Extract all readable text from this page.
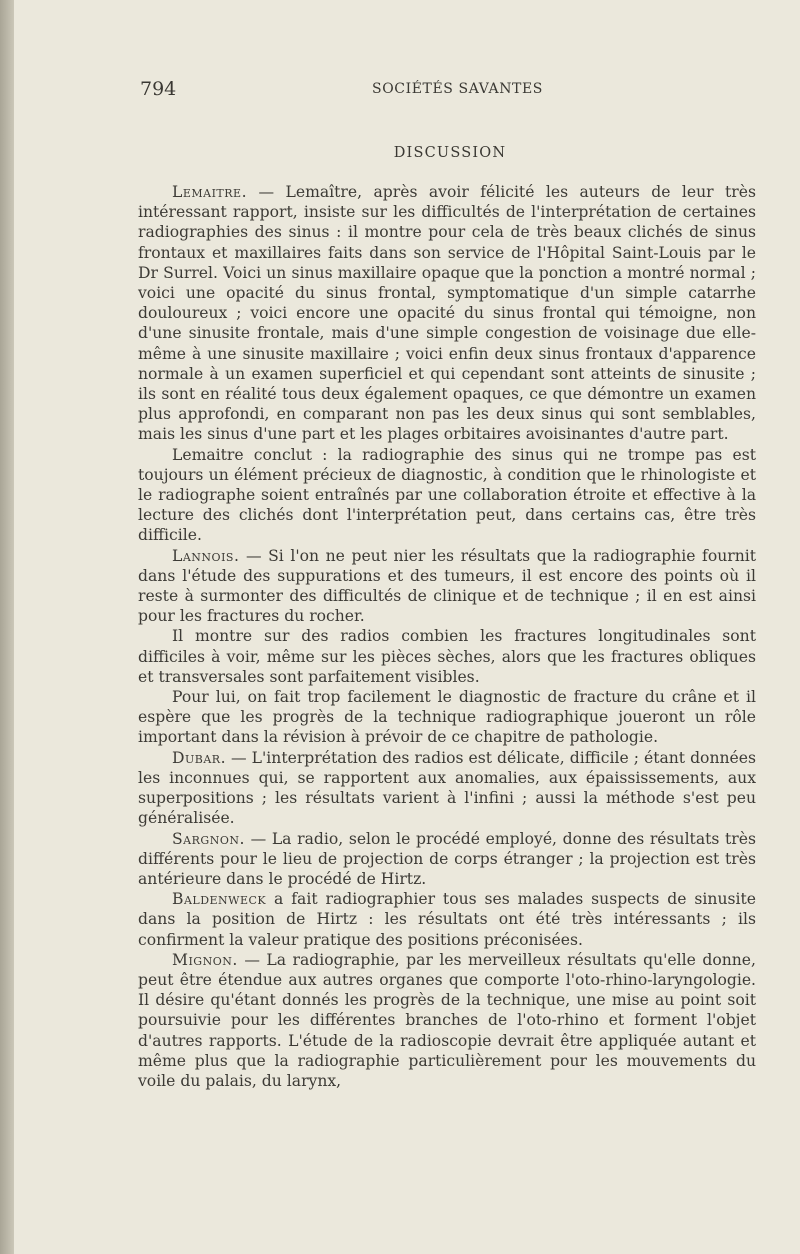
794	SOCIÉTÉS SAVANTES
DISCUSSION

Lemaitre. — Lemaître, après avoir félicité les auteurs de leur très intéressant rapport, insiste sur les difficultés de l'interprétation de certaines radiographies des sinus : il montre pour cela de très beaux clichés de sinus frontaux et maxillaires faits dans son service de l'Hôpital Saint-Louis par le Dr Surrel. Voici un sinus maxillaire opaque que la ponction a montré normal ; voici une opacité du sinus frontal, symptomatique d'un simple catarrhe douloureux ; voici encore une opacité du sinus frontal qui témoigne, non d'une sinusite frontale, mais d'une simple congestion de voisinage due elle-même à une sinusite maxillaire ; voici enfin deux sinus frontaux d'apparence normale à un examen superficiel et qui cependant sont atteints de sinusite ; ils sont en réalité tous deux également opaques, ce que démontre un examen plus approfondi, en comparant non pas les deux sinus qui sont semblables, mais les sinus d'une part et les plages orbitaires avoisinantes d'autre part.

Lemaitre conclut : la radiographie des sinus qui ne trompe pas est toujours un élément précieux de diagnostic, à condition que le rhinologiste et le radiographe soient entraînés par une collaboration étroite et effective à la lecture des clichés dont l'interprétation peut, dans certains cas, être très difficile.

Lannois. — Si l'on ne peut nier les résultats que la radiographie fournit dans l'étude des suppurations et des tumeurs, il est encore des points où il reste à surmonter des difficultés de clinique et de technique ; il en est ainsi pour les fractures du rocher.

Il montre sur des radios combien les fractures longitudinales sont difficiles à voir, même sur les pièces sèches, alors que les fractures obliques et transversales sont parfaitement visibles.

Pour lui, on fait trop facilement le diagnostic de fracture du crâne et il espère que les progrès de la technique radiographique joueront un rôle important dans la révision à prévoir de ce chapitre de pathologie.

Dubar. — L'interprétation des radios est délicate, difficile ; étant données les inconnues qui, se rapportent aux anomalies, aux épaississements, aux superpositions ; les résultats varient à l'infini ; aussi la méthode s'est peu généralisée.

Sargnon. — La radio, selon le procédé employé, donne des résultats très différents pour le lieu de projection de corps étranger ; la projection est très antérieure dans le procédé de Hirtz.

Baldenweck a fait radiographier tous ses malades suspects de sinusite dans la position de Hirtz : les résultats ont été très intéressants ; ils confirment la valeur pratique des positions préconisées.

Mignon. — La radiographie, par les merveilleux résultats qu'elle donne, peut être étendue aux autres organes que comporte l'oto-rhino-laryngologie. Il désire qu'étant donnés les progrès de la technique, une mise au point soit poursuivie pour les différentes branches de l'oto-rhino et forment l'objet d'autres rapports. L'étude de la radioscopie devrait être appliquée autant et même plus que la radiographie particulièrement pour les mouvements du voile du palais, du larynx,
